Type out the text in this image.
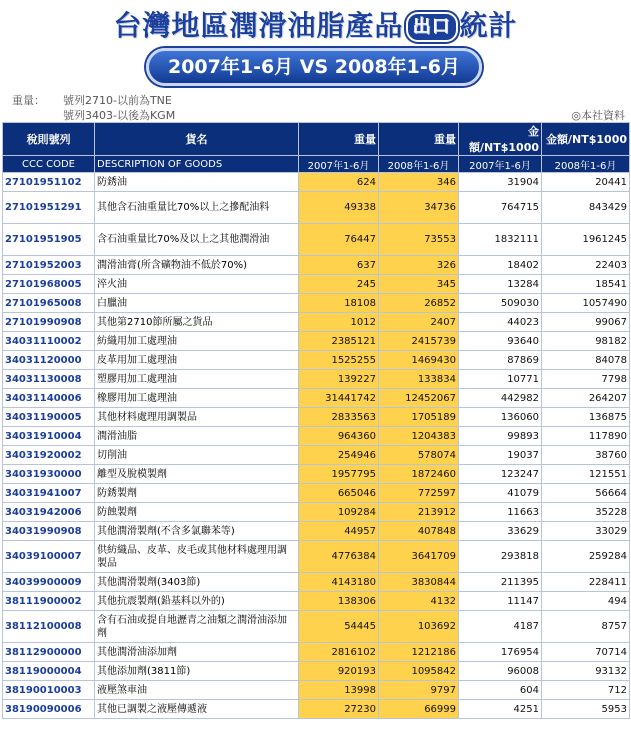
台灣地區潤滑油脂產品 出口 統計
2007年1-6月 VS 2008年1-6月
重量： 號列2710-以前為TNE
號列3403-以後為KGM	◎本社資料
稅則號列	貨名	重量	重量	金額/NT$1000	金額/NT$1000
CCC CODE	DESCRIPTION OF GOODS	2007年1-6月	2008年1-6月	2007年1-6月	2008年1-6月
27101951102	防銹油	624	346	31904	20441
27101951291	其他含石油重量比70%以上之摻配油料	49338	34736	764715	843429
27101951905	含石油重量比70%及以上之其他潤滑油	76447	73553	1832111	1961245
27101952003	潤滑油膏(所含礦物油不低於70%)	637	326	18402	22403
27101968005	淬火油	245	345	13284	18541
27101965008	白臘油	18108	26852	509030	1057490
27101990908	其他第2710節所屬之貨品	1012	2407	44023	99067
34031110002	紡織用加工處理油	2385121	2415739	93640	98182
34031120000	皮革用加工處理油	1525255	1469430	87869	84078
34031130008	塑膠用加工處理油	139227	133834	10771	7798
34031140006	橡膠用加工處理油	31441742	12452067	442982	264207
34031190005	其他材料處理用調製品	2833563	1705189	136060	136875
34031910004	潤滑油脂	964360	1204383	99893	117890
34031920002	切削油	254946	578074	19037	38760
34031930000	離型及脫模製劑	1957795	1872460	123247	121551
34031941007	防銹製劑	665046	772597	41079	56664
34031942006	防蝕製劑	109284	213912	11663	35228
34031990908	其他潤滑製劑(不含多氯聯苯等)	44957	407848	33629	33029
34039100007	供紡織品、皮革、皮毛或其他材料處理用調製品	4776384	3641709	293818	259284
34039900009	其他潤滑製劑(3403節)	4143180	3830844	211395	228411
38111900002	其他抗震製劑(鉛基料以外的)	138306	4132	11147	494
38112100008	含有石油或提自地瀝青之油類之潤滑油添加劑	54445	103692	4187	8757
38112900000	其他潤滑油添加劑	2816102	1212186	176954	70714
38119000004	其他添加劑(3811節)	920193	1095842	96008	93132
38190010003	液壓煞車油	13998	9797	604	712
38190090006	其他已調製之液壓傳遞液	27230	66999	4251	5953
